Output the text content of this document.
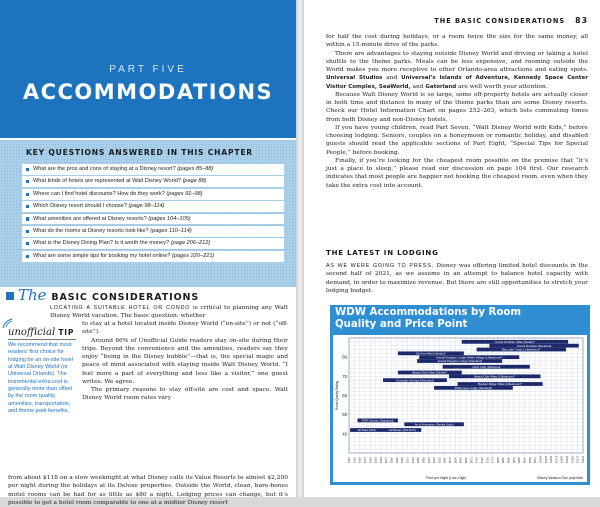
PART FIVE
ACCOMMODATIONS
KEY QUESTIONS ANSWERED IN THIS CHAPTER
What are the pros and cons of staying at a Disney resort? (pages 85–88)
What kinds of hotels are represented at Walt Disney World? (page 88)
Where can I find hotel discounts? How do they work? (pages 91–98)
Which Disney resort should I choose? (page 98–114)
What amenities are offered at Disney resorts? (pages 104–105)
What do the rooms at Disney resorts look like? (pages 110–114)
What is the Disney Dining Plan? Is it worth the money? (page 206–212)
What are some simple tips for booking my hotel online? (pages 220–221)
The BASIC CONSIDERATIONS
LOCATING A SUITABLE HOTEL OR CONDO is critical to planning any Walt Disney World vacation. The basic question: whether
unofficial TIP
We recommend that most readers’ first choice for lodging be an on-site hotel at Walt Disney World (or Universal Orlando). The incremental extra cost is generally more than offset by the room quality, amenities, transportation, and theme park benefits.
to stay at a hotel located inside Disney World (“on-site”) or not (“off-site”).
Around 86% of Unofficial Guide readers stay on-site during their trips. Beyond the convenience and the amenities, readers say they enjoy “being in the Disney bubble”—that is, the special magic and peace of mind associated with staying inside Walt Disney World. “I feel more a part of everything and less like a visitor,” one guest writes. We agree.
The primary reasons to stay off-site are cost and space. Walt Disney World room rates vary
from about $118 on a slow weeknight at what Disney calls its Value Resorts to almost $2,200 per night during the holidays at its Deluxe properties. Outside the World, clean, bare-bones motel rooms can be had for as little as $80 a night. Lodging prices can change, but it’s possible to get a hotel room comparable to one at a midtier Disney resort
THE BASIC CONSIDERATIONS 83
for half the cost during holidays, or a room twice the size for the same money, all within a 15-minute drive of the parks.
There are advantages to staying outside Disney World and driving or taking a hotel shuttle to the theme parks. Meals can be less expensive, and rooming outside the World makes you more receptive to other Orlando-area attractions and eating spots. Universal Studios and Universal’s Islands of Adventure, Kennedy Space Center Visitor Complex, SeaWorld, and Gatorland are well worth your attention.
Because Walt Disney World is so large, some off-property hotels are actually closer in both time and distance to many of the theme parks than are some Disney resorts. Check our Hotel Information Chart on pages 252–263, which lists commuting times from both Disney and non-Disney hotels.
If you have young children, read Part Seven, “Walt Disney World with Kids,” before choosing lodging. Seniors, couples on a honeymoon or romantic holiday, and disabled guests should read the applicable sections of Part Eight, “Special Tips for Special People,” before booking.
Finally, if you’re looking for the cheapest room possible on the premise that “it’s just a place to sleep,” please read our discussion on page 104 first. Our research indicates that most people are happier not booking the cheapest room, even when they take the extra cost into account.
THE LATEST IN LODGING
AS WE WERE GOING TO PRESS, Disney was offering limited hotel discounts in the second half of 2021, as we assume in an attempt to balance hotel capacity with demand, in order to maximize revenue. But there are still opportunities to stretch your lodging budget.
WDW Accommodations by Room Quality and Price Point
$100 $125 $150 $175 $200 $225 $250 $275 $300 $325 $350 $375 $400 $425 $450 $475 $500 $525 $550 $575 $600 $625 $650 $675 $700 $725 $750 $775 $800 $825 $850 $875 $900 $925 $950 $975 $1000 $1025 $1050 $1075 $1100 $1125 $1150 $1175 $1200
40
50
60
70
80
Grand Floridian Villas (Studio)*
Grand Floridian (Standard)
Bay Lake Tower (1-Bedroom)*
Old Key West (Studio)*
Animal Kingdom Lodge Kidani Village (1-Bedroom)*
Animal Kingdom Lodge (Standard)
Yacht Club (Standard)
Beach Club Villas (Studio)*
Beach Club Villas (1-Bedroom)*
Coronado Springs (Standard)
Boulder Ridge Villas (1-Bedroom)*
Wilderness Lodge (Standard)
POP Century (Standard)
Art of Animation (Family Suite)
All-Stars (Std)	Caribbean (Std-DVC)
Room Quality Rating
Price per Night (Low–High)	*Disney Vacation Club properties
